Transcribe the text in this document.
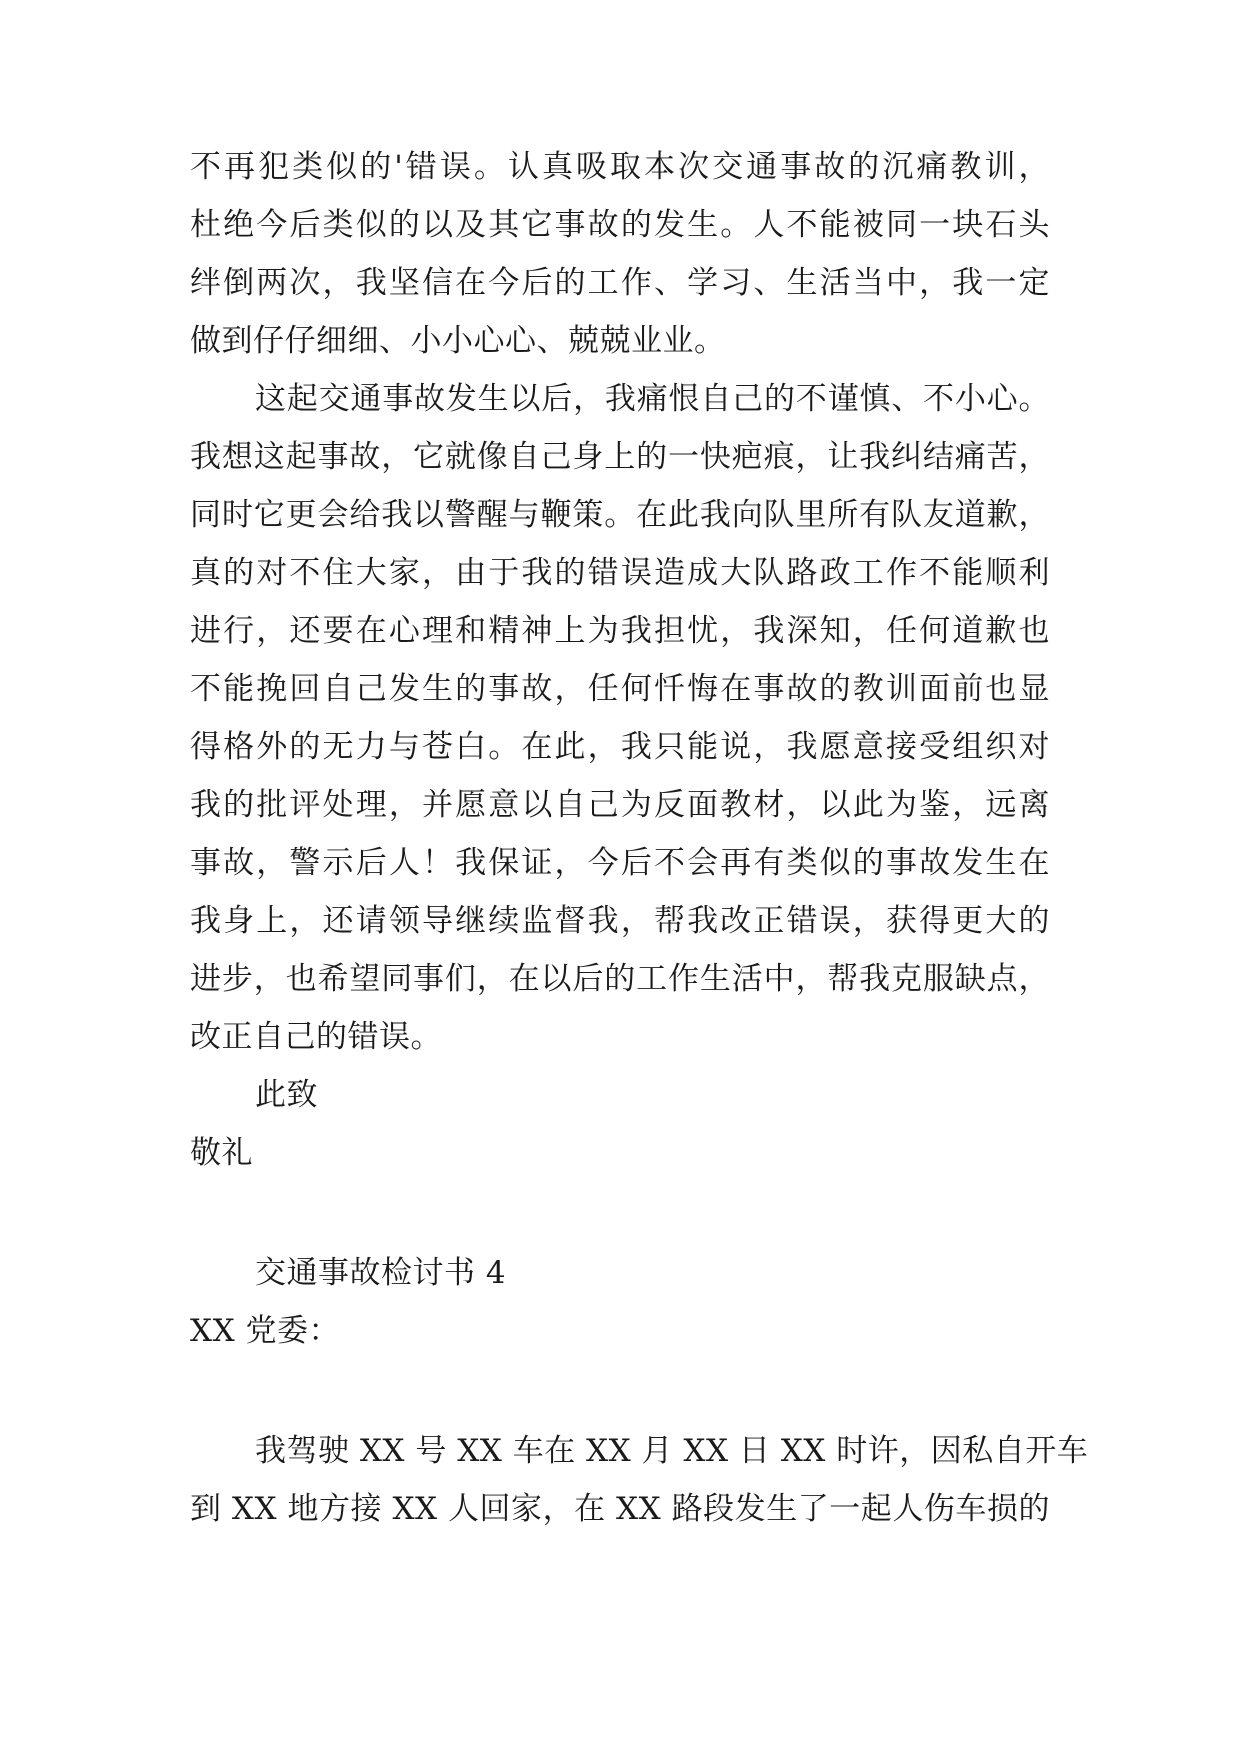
不再犯类似的'错误。认真吸取本次交通事故的沉痛教训，
杜绝今后类似的以及其它事故的发生。人不能被同一块石头
绊倒两次，我坚信在今后的工作、学习、生活当中，我一定
做到仔仔细细、小小心心、兢兢业业。
这起交通事故发生以后，我痛恨自己的不谨慎、不小心。
我想这起事故，它就像自己身上的一快疤痕，让我纠结痛苦，
同时它更会给我以警醒与鞭策。在此我向队里所有队友道歉，
真的对不住大家，由于我的错误造成大队路政工作不能顺利
进行，还要在心理和精神上为我担忧，我深知，任何道歉也
不能挽回自己发生的事故，任何忏悔在事故的教训面前也显
得格外的无力与苍白。在此，我只能说，我愿意接受组织对
我的批评处理，并愿意以自己为反面教材，以此为鉴，远离
事故，警示后人！我保证，今后不会再有类似的事故发生在
我身上，还请领导继续监督我，帮我改正错误，获得更大的
进步，也希望同事们，在以后的工作生活中，帮我克服缺点，
改正自己的错误。
此致
敬礼
交通事故检讨书 4
XX 党委：
我驾驶 XX 号 XX 车在 XX 月 XX 日 XX 时许，因私自开车
到 XX 地方接 XX 人回家，在 XX 路段发生了一起人伤车损的
